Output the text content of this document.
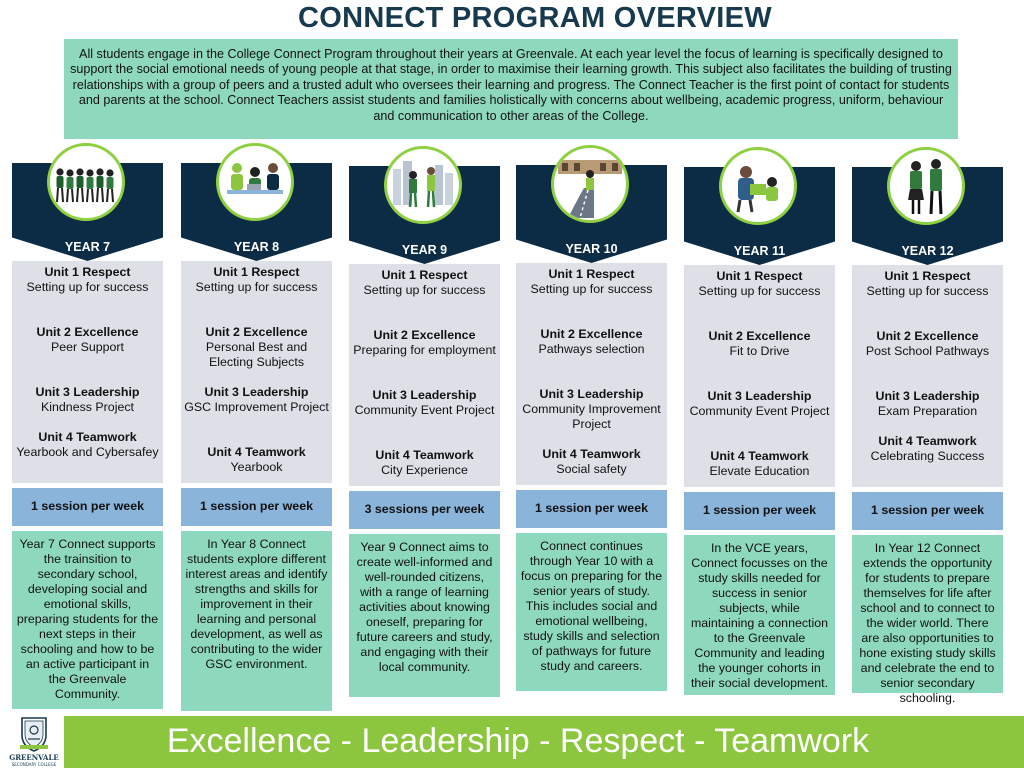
CONNECT PROGRAM OVERVIEW
All students engage in the College Connect Program throughout their years at Greenvale. At each year level the focus of learning is specifically designed to support the social emotional needs of young people at that stage, in order to maximise their learning growth. This subject also facilitates the building of trusting relationships with a group of peers and a trusted adult who oversees their learning and progress. The Connect Teacher is the first point of contact for students and parents at the school. Connect Teachers assist students and families holistically with concerns about wellbeing, academic progress, uniform, behaviour and communication to other areas of the College.
YEAR 7
Unit 1 Respect
Setting up for success
Unit 2 Excellence
Peer Support
Unit 3 Leadership
Kindness Project
Unit 4 Teamwork
Yearbook and Cybersafey
1 session per week
Year 7 Connect supports the trainsition to secondary school, developing social and emotional skills, preparing students for the next steps in their schooling and how to be an active participant in the Greenvale Community.
YEAR 8
Unit 1 Respect
Setting up for success
Unit 2 Excellence
Personal Best and Electing Subjects
Unit 3 Leadership
GSC Improvement Project
Unit 4 Teamwork
Yearbook
1 session per week
In Year 8 Connect students explore different interest areas and identify strengths and skills for improvement in their learning and personal development, as well as contributing to the wider GSC environment.
YEAR 9
Unit 1 Respect
Setting up for success
Unit 2 Excellence
Preparing for employment
Unit 3 Leadership
Community Event Project
Unit 4 Teamwork
City Experience
3 sessions per week
Year 9 Connect aims to create well-informed and well-rounded citizens, with a range of learning activities about knowing oneself, preparing for future careers and study, and engaging with their local community.
YEAR 10
Unit 1 Respect
Setting up for success
Unit 2 Excellence
Pathways selection
Unit 3 Leadership
Community Improvement Project
Unit 4 Teamwork
Social safety
1 session per week
Connect continues through Year 10 with a focus on preparing for the senior years of study. This includes social and emotional wellbeing, study skills and selection of pathways for future study and careers.
YEAR 11
Unit 1 Respect
Setting up for success
Unit 2 Excellence
Fit to Drive
Unit 3 Leadership
Community Event Project
Unit 4 Teamwork
Elevate Education
1 session per week
In the VCE years, Connect focusses on the study skills needed for success in senior subjects, while maintaining a connection to the Greenvale Community and leading the younger cohorts in their social development.
YEAR 12
Unit 1 Respect
Setting up for success
Unit 2 Excellence
Post School Pathways
Unit 3 Leadership
Exam Preparation
Unit 4 Teamwork
Celebrating Success
1 session per week
In Year 12 Connect extends the opportunity for students to prepare themselves for life after school and to connect to the wider world. There are also opportunities to hone existing study skills and celebrate the end to senior secondary schooling.
GREENVALE
SECONDARY COLLEGE
Excellence - Leadership - Respect - Teamwork
